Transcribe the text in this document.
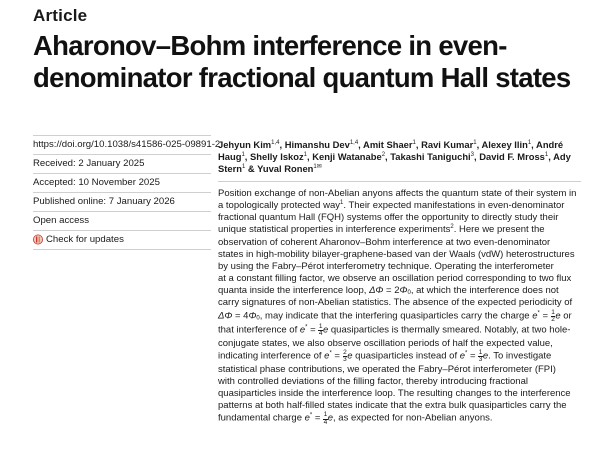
Article
Aharonov–Bohm interference in even-denominator fractional quantum Hall states
https://doi.org/10.1038/s41586-025-09891-2
Received: 2 January 2025
Accepted: 10 November 2025
Published online: 7 January 2026
Open access
Check for updates
Jehyun Kim$^{1,4}$, Himanshu Dev$^{1,4}$, Amit Shaer$^1$, Ravi Kumar$^1$, Alexey Ilin$^1$, André Haug$^1$, Shelly Iskoz$^1$, Kenji Watanabe$^2$, Takashi Taniguchi$^3$, David F. Mross$^1$, Ady Stern$^1$ & Yuval Ronen$^{1✉}$
Position exchange of non-Abelian anyons affects the quantum state of their system in
a topologically protected way$^1$. Their expected manifestations in even-denominator
fractional quantum Hall (FQH) systems offer the opportunity to directly study their
unique statistical properties in interference experiments$^2$. Here we present the
observation of coherent Aharonov–Bohm interference at two even-denominator
states in high-mobility bilayer-graphene-based van der Waals (vdW) heterostructures
by using the Fabry–Pérot interferometry technique. Operating the interferometer
at a constant filling factor, we observe an oscillation period corresponding to two flux
quanta inside the interference loop, $\Delta\Phi = 2\Phi_0$, at which the interference does not
carry signatures of non-Abelian statistics. The absence of the expected periodicity of
$\Delta\Phi = 4\Phi_0$, may indicate that the interfering quasiparticles carry the charge $e^* = \frac{1}{2}$ e or
that interference of $e^* = \frac{1}{4}$ e quasiparticles is thermally smeared. Notably, at two hole-
conjugate states, we also observe oscillation periods of half the expected value,
indicating interference of $e^* = \frac{2}{3}$ e quasiparticles instead of $e^* = \frac{1}{3} e$. To investigate
statistical phase contributions, we operated the Fabry–Pérot interferometer (FPI)
with controlled deviations of the filling factor, thereby introducing fractional
quasiparticles inside the interference loop. The resulting changes to the interference
patterns at both half-filled states indicate that the extra bulk quasiparticles carry the
fundamental charge $e^* = \frac{1}{4} e$, as expected for non-Abelian anyons.
